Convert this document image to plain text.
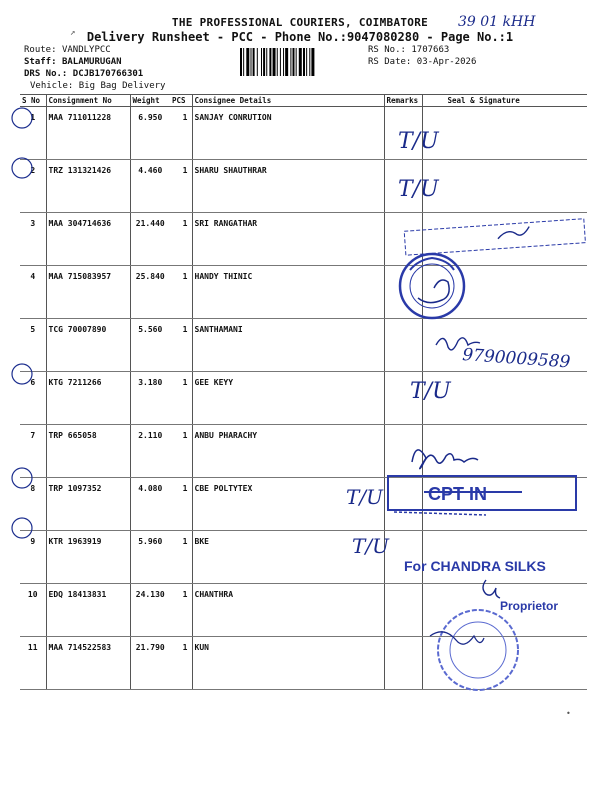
THE PROFESSIONAL COURIERS, COIMBATORE
Delivery Runsheet - PCC - Phone No.:9047080280 - Page No.:1
Route: VANDLYPCC
Staff: BALAMURUGAN
DRS No.: DCJB170766301
Vehicle: Big Bag Delivery
RS No.: 1707663
RS Date: 03-Apr-2026
S No	Consignment No	Weight	PCS	Consignee Details	Remarks	Seal & Signature
1	MAA 711011228	6.950	1	SANJAY CONRUTION		
2	TRZ 131321426	4.460	1	SHARU SHAUTHRAR		
3	MAA 304714636	21.440	1	SRI RANGATHAR		
4	MAA 715083957	25.840	1	HANDY THINIC		
5	TCG 70007890	5.560	1	SANTHAMANI		
6	KTG 7211266	3.180	1	GEE KEYY		
7	TRP 665058	2.110	1	ANBU PHARACHY		
8	TRP 1097352	4.080	1	CBE POLTYTEX		
9	KTR 1963919	5.960	1	BKE		
10	EDQ 18413831	24.130	1	CHANTHRA		
11	MAA 714522583	21.790	1	KUN		
39 01 kHH
↗
T/U
T/U
T/U
T/U
T/U
9790009589
CPT IN
For CHANDRA SILKS
Proprietor
•
